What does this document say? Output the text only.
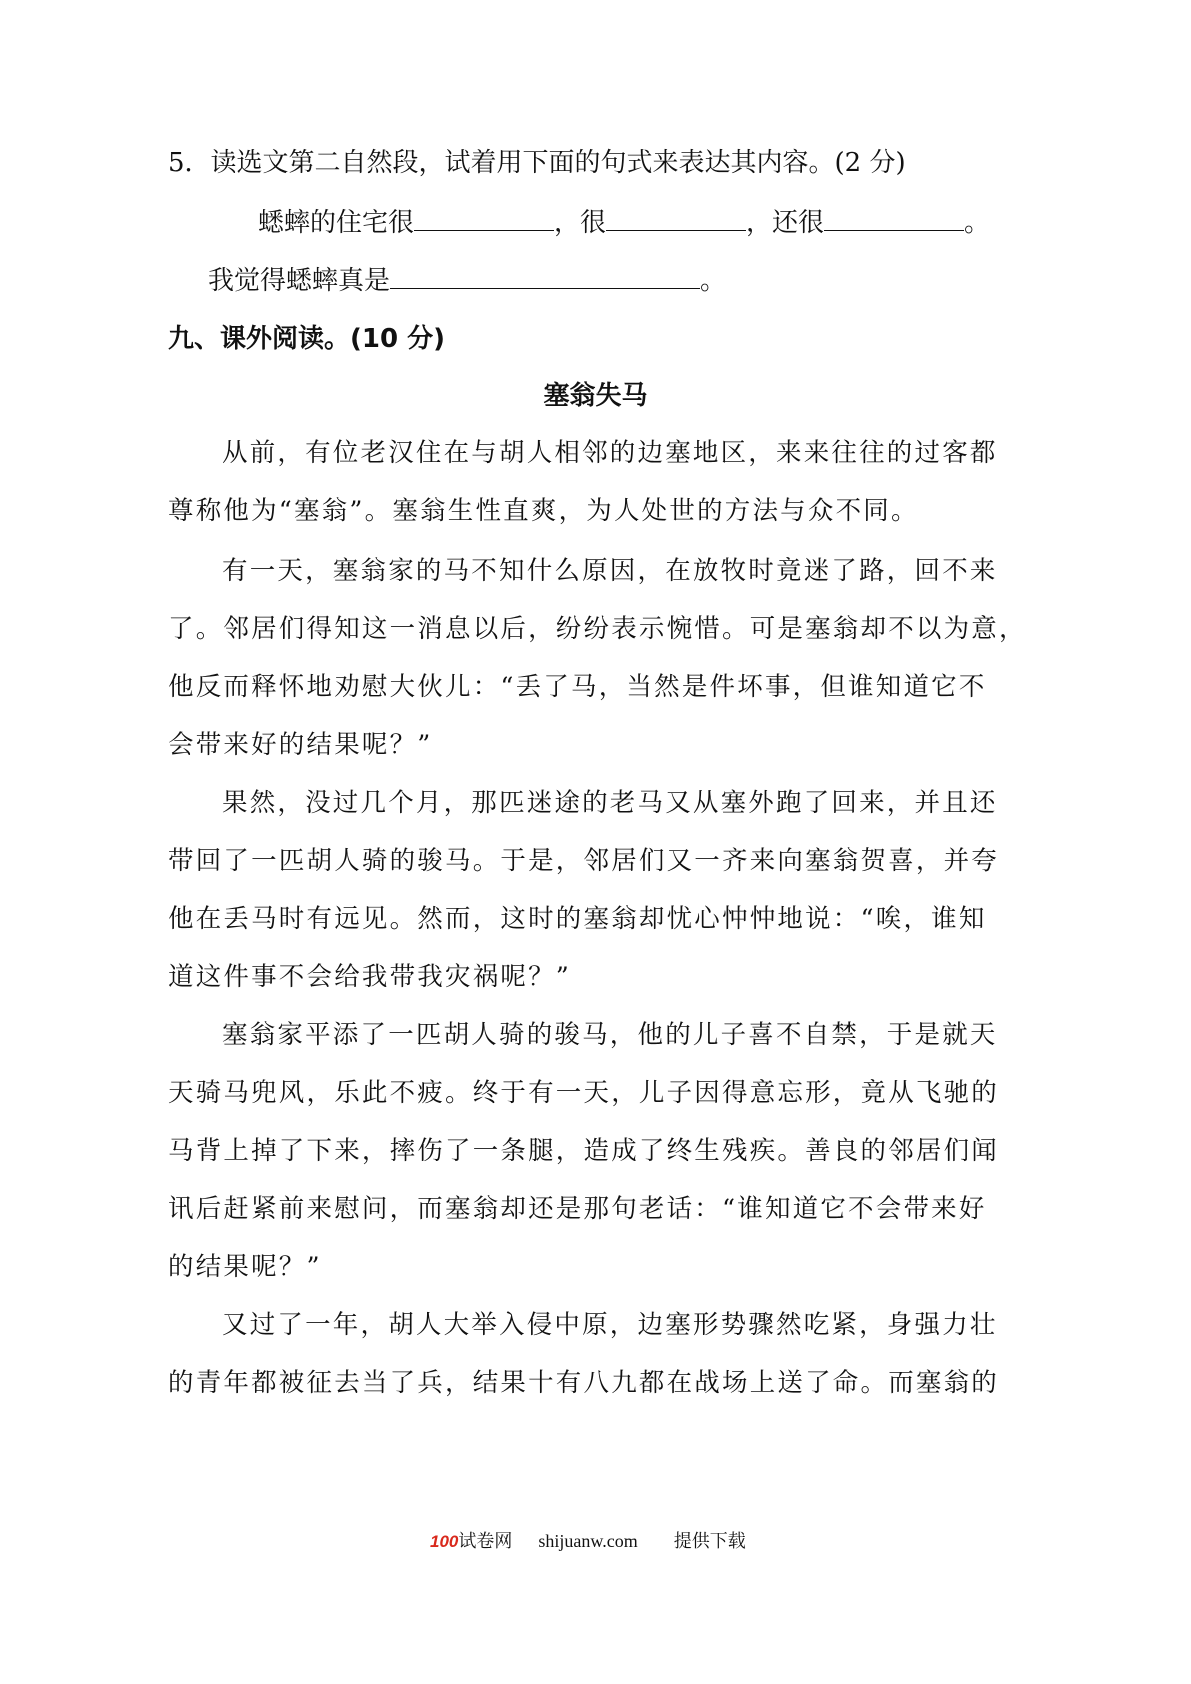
5．读选文第二自然段，试着用下面的句式来表达其内容。(2 分)
蟋蟀的住宅很	，很	，还很	。
我觉得蟋蟀真是	。
九、课外阅读。(10 分)
塞翁失马
从前，有位老汉住在与胡人相邻的边塞地区，来来往往的过客都
尊称他为“塞翁”。塞翁生性直爽，为人处世的方法与众不同。
有一天，塞翁家的马不知什么原因，在放牧时竟迷了路，回不来
了。邻居们得知这一消息以后，纷纷表示惋惜。可是塞翁却不以为意，
他反而释怀地劝慰大伙儿：“丢了马，当然是件坏事，但谁知道它不
会带来好的结果呢？”
果然，没过几个月，那匹迷途的老马又从塞外跑了回来，并且还
带回了一匹胡人骑的骏马。于是，邻居们又一齐来向塞翁贺喜，并夸
他在丢马时有远见。然而，这时的塞翁却忧心忡忡地说：“唉，谁知
道这件事不会给我带我灾祸呢？”
塞翁家平添了一匹胡人骑的骏马，他的儿子喜不自禁，于是就天
天骑马兜风，乐此不疲。终于有一天，儿子因得意忘形，竟从飞驰的
马背上掉了下来，摔伤了一条腿，造成了终生残疾。善良的邻居们闻
讯后赶紧前来慰问，而塞翁却还是那句老话：“谁知道它不会带来好
的结果呢？”
又过了一年，胡人大举入侵中原，边塞形势骤然吃紧，身强力壮
的青年都被征去当了兵，结果十有八九都在战场上送了命。而塞翁的
100试卷网 shijuanw.com 提供下载
